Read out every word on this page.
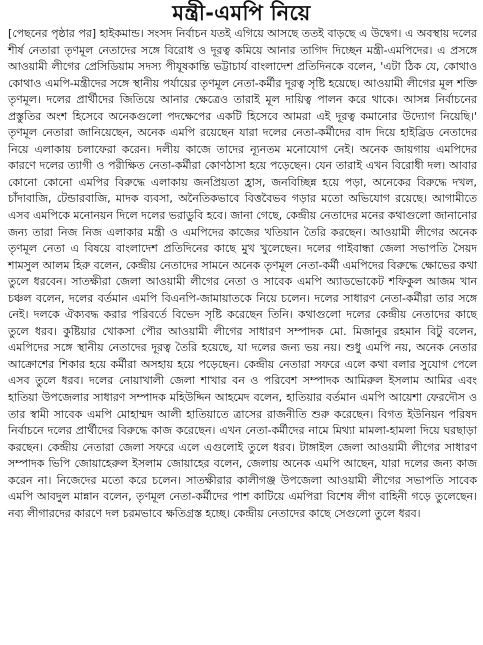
মন্ত্রী-এমপি নিয়ে

[পেছনের পৃষ্ঠার পর] হাইকমান্ড। সংসদ নির্বাচন যতই এগিয়ে আসছে ততই বাড়ছে এ উদ্বেগ। এ অবস্থায় দলের শীর্ষ নেতারা তৃণমূল নেতাদের সঙ্গে বিরোধ ও দূরত্ব কমিয়ে আনার তাগিদ দিচ্ছেন মন্ত্রী-এমপিদের। এ প্রসঙ্গে আওয়ামী লীগের প্রেসিডিয়াম সদস্য পীযূষকান্তি ভট্টাচার্য বাংলাদেশ প্রতিদিনকে বলেন, 'এটা ঠিক যে, কোথাও কোথাও এমপি-মন্ত্রীদের সঙ্গে স্থানীয় পর্যায়ের তৃণমূল নেতা-কর্মীর দূরত্ব সৃষ্টি হয়েছে। আওয়ামী লীগের মূল শক্তি তৃণমূল। দলের প্রার্থীদের জিতিয়ে আনার ক্ষেত্রেও তারাই মূল দায়িত্ব পালন করে থাকে। আসন্ন নির্বাচনের প্রস্তুতির অংশ হিসেবে অনেকগুলো পদক্ষেপের একটি হিসেবে আমরা এই দূরত্ব কমানোর উদ্যোগ নিয়েছি।' তৃণমূল নেতারা জানিয়েছেন, অনেক এমপি রয়েছেন যারা দলের নেতা-কর্মীদের বাদ দিয়ে হাইব্রিড নেতাদের নিয়ে এলাকায় চলাফেরা করেন। দলীয় কাজে তাদের ন্যূনতম মনোযোগ নেই। অনেক জায়গায় এমপিদের কারণে দলের ত্যাগী ও পরীক্ষিত নেতা-কর্মীরা কোণঠাসা হয়ে পড়েছেন। যেন তারাই এখন বিরোধী দল। আবার কোনো কোনো এমপির বিরুদ্ধে এলাকায় জনপ্রিয়তা হ্রাস, জনবিচ্ছিন্ন হয়ে পড়া, অনেকের বিরুদ্ধে দখল, চাঁদাবাজি, টেন্ডারবাজি, মাদক ব্যবসা, অনৈতিকভাবে বিত্তবৈভব গড়ার মতো অভিযোগ রয়েছে। আগামীতে এসব এমপিকে মনোনয়ন দিলে দলের ভরাডুবি হবে। জানা গেছে, কেন্দ্রীয় নেতাদের মনের কথাগুলো জানানোর জন্য তারা নিজ নিজ এলাকার মন্ত্রী ও এমপিদের কাজের খতিয়ান তৈরি করছেন। আওয়ামী লীগের অনেক তৃণমূল নেতা এ বিষয়ে বাংলাদেশ প্রতিদিনের কাছে মুখ খুলেছেন। দলের গাইবান্ধা জেলা সভাপতি সৈয়দ শামসুল আলম হিরু বলেন, কেন্দ্রীয় নেতাদের সামনে অনেক তৃণমূল নেতা-কর্মী এমপিদের বিরুদ্ধে ক্ষোভের কথা তুলে ধরবেন। সাতক্ষীরা জেলা আওয়ামী লীগের নেতা ও সাবেক এমপি অ্যাডভোকেট শফিকুল আজম খান চঞ্চল বলেন, দলের বর্তমান এমপি বিএনপি-জামায়াতকে নিয়ে চলেন। দলের সাধারণ নেতা-কর্মীরা তার সঙ্গে নেই। দলকে ঐক্যবদ্ধ করার পরিবর্তে বিভেদ সৃষ্টি করেছেন তিনি। কথাগুলো দলের কেন্দ্রীয় নেতাদের কাছে তুলে ধরব। কুষ্টিয়ার খোকসা পৌর আওয়ামী লীগের সাধারণ সম্পাদক মো. মিজানুর রহমান বিটু বলেন, এমপিদের সঙ্গে স্থানীয় নেতাদের দূরত্ব তৈরি হয়েছে, যা দলের জন্য ভয় নয়। শুধু এমপি নয়, অনেক নেতার আক্রোশের শিকার হয়ে কর্মীরা অসহায় হয়ে পড়েছেন। কেন্দ্রীয় নেতারা সফরে এলে কথা বলার সুযোগ পেলে এসব তুলে ধরব। দলের নোয়াখালী জেলা শাখার বন ও পরিবেশ সম্পাদক আমিরুল ইসলাম আমির এবং হাতিয়া উপজেলার সাধারণ সম্পাদক মহিউদ্দিন আহমেদ বলেন, হাতিয়ার বর্তমান এমপি আয়েশা ফেরদৌস ও তার স্বামী সাবেক এমপি মোহাম্মদ আলী হাতিয়াতে ত্রাসের রাজনীতি শুরু করেছেন। বিগত ইউনিয়ন পরিষদ নির্বাচনে দলের প্রার্থীদের বিরুদ্ধে কাজ করেছেন। এখন নেতা-কর্মীদের নামে মিথ্যা মামলা-হামলা দিয়ে ঘরছাড়া করছেন। কেন্দ্রীয় নেতারা জেলা সফরে এলে এগুলোই তুলে ধরব। টাঙ্গাইল জেলা আওয়ামী লীগের সাধারণ সম্পাদক ভিপি জোয়াহেরুল ইসলাম জোয়াহের বলেন, জেলায় অনেক এমপি আছেন, যারা দলের জন্য কাজ করেন না। নিজেদের মতো করে চলেন। সাতক্ষীরার কালীগঞ্জ উপজেলা আওয়ামী লীগের সভাপতি সাবেক এমপি আবদুল মান্নান বলেন, তৃণমূল নেতা-কর্মীদের পাশ কাটিয়ে এমপিরা বিশেষ লীগ বাহিনী গড়ে তুলেছেন। নব্য লীগারদের কারণে দল চরমভাবে ক্ষতিগ্রস্ত হচ্ছে। কেন্দ্রীয় নেতাদের কাছে সেগুলো তুলে ধরব।
